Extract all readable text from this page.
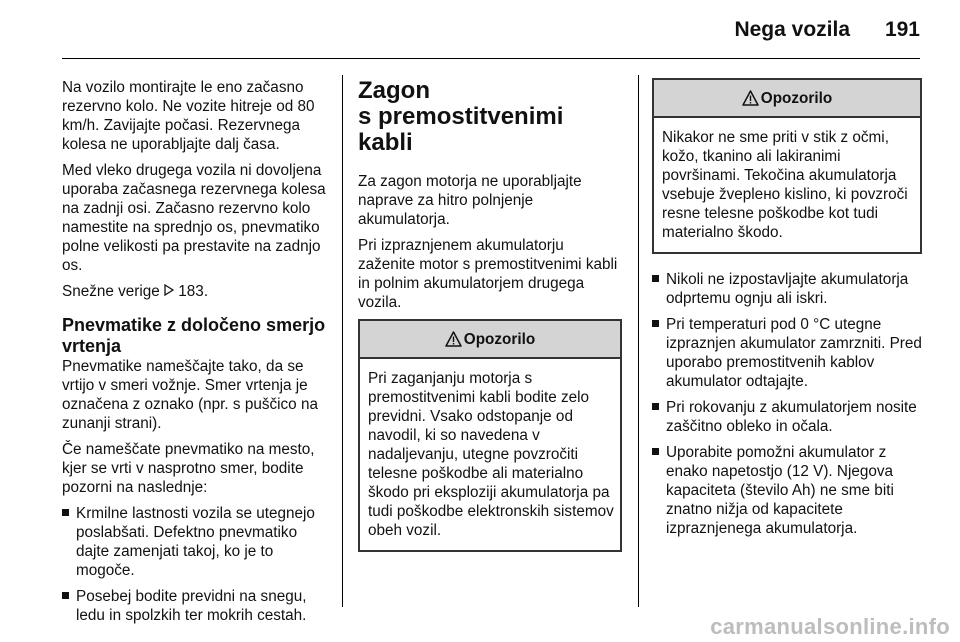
Nega vozila 191

Na vozilo montirajte le eno začasno rezervno kolo. Ne vozite hitreje od 80 km/h. Zavijajte počasi. Rezervnega kolesa ne uporabljajte dalj časa.

Med vleko drugega vozila ni dovoljena uporaba začasnega rezervnega kolesa na zadnji osi. Začasno rezervno kolo namestite na sprednjo os, pnevmatiko polne velikosti pa prestavite na zadnjo os.

Snežne verige 183.

Pnevmatike z določeno smerjo vrtenja

Pnevmatike nameščajte tako, da se vrtijo v smeri vožnje. Smer vrtenja je označena z oznako (npr. s puščico na zunanji strani).

Če nameščate pnevmatiko na mesto, kjer se vrti v nasprotno smer, bodite pozorni na naslednje:

Krmilne lastnosti vozila se utegnejo poslabšati. Defektno pnevmatiko dajte zamenjati takoj, ko je to mogoče.
Posebej bodite previdni na snegu, ledu in spolzkih ter mokrih cestah.
Zagon
s premostitvenimi kabli

Za zagon motorja ne uporabljajte naprave za hitro polnjenje akumulatorja.

Pri izpraznjenem akumulatorju zaženite motor s premostitvenimi kabli in polnim akumulatorjem drugega vozila.

Opozorilo
Pri zaganjanju motorja s premostitvenimi kabli bodite zelo previdni. Vsako odstopanje od navodil, ki so navedena v nadaljevanju, utegne povzročiti telesne poškodbe ali materialno škodo pri eksploziji akumulatorja pa tudi poškodbe elektronskih sistemov obeh vozil.
Opozorilo
Nikakor ne sme priti v stik z očmi, kožo, tkanino ali lakiranimi površinami. Tekočina akumulatorja vsebuje žveplено kislino, ki povzroči resne telesne poškodbe kot tudi materialno škodo.
Nikoli ne izpostavljajte akumulatorja odprtemu ognju ali iskri.
Pri temperaturi pod 0 °C utegne izpraznjen akumulator zamrzniti. Pred uporabo premostitvenih kablov akumulator odtajajte.
Pri rokovanju z akumulatorjem nosite zaščitno obleko in očala.
Uporabite pomožni akumulator z enako napetostjo (12 V). Njegova kapaciteta (število Ah) ne sme biti znatno nižja od kapacitete izpraznjenega akumulatorja.
carmanualsonline.info
